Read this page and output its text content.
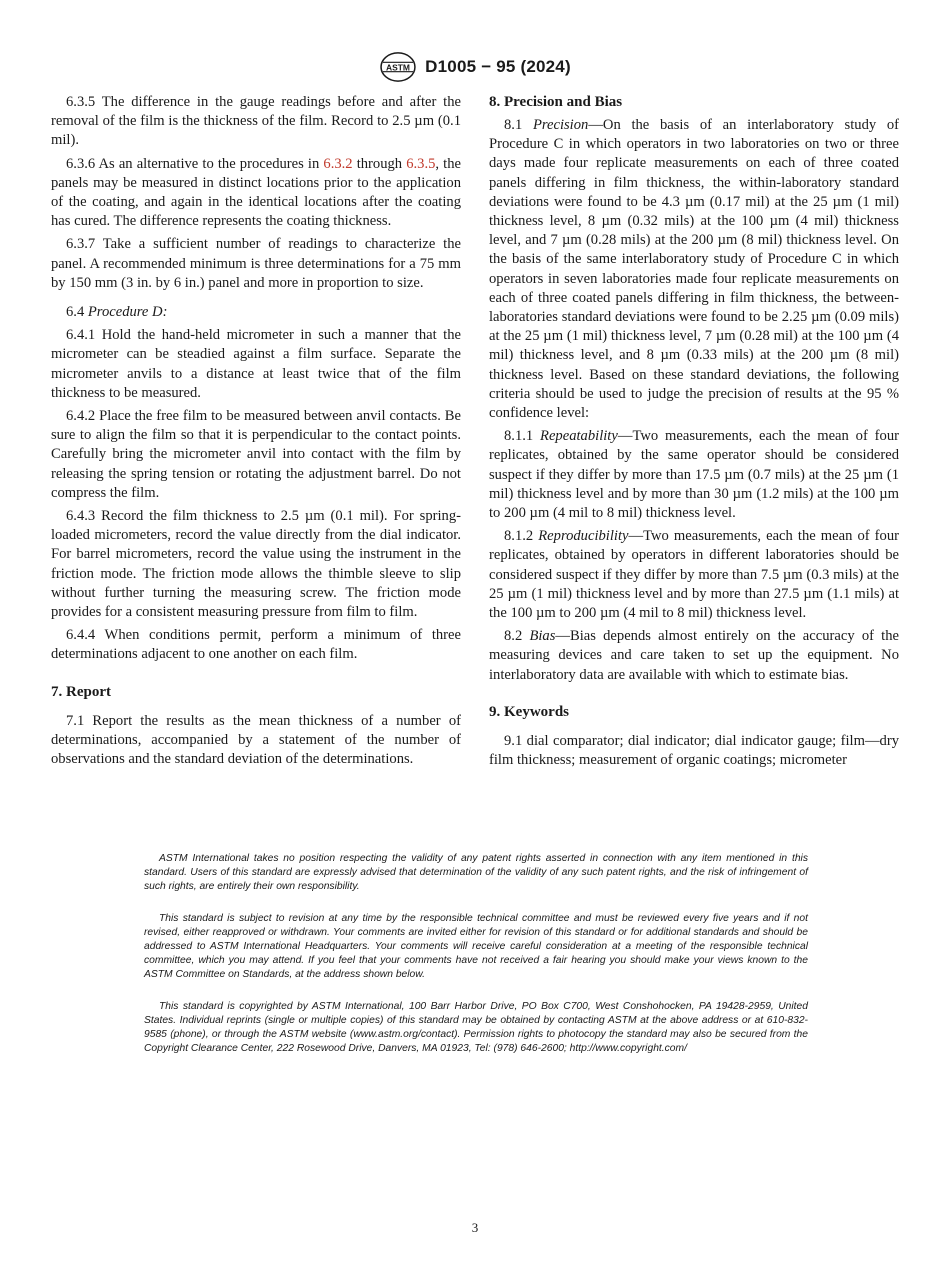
ASTM D1005 − 95 (2024)

6.3.5 The difference in the gauge readings before and after the removal of the film is the thickness of the film. Record to 2.5 µm (0.1 mil).

6.3.6 As an alternative to the procedures in 6.3.2 through 6.3.5, the panels may be measured in distinct locations prior to the application of the coating, and again in the identical locations after the coating has cured. The difference represents the coating thickness.

6.3.7 Take a sufficient number of readings to characterize the panel. A recommended minimum is three determinations for a 75 mm by 150 mm (3 in. by 6 in.) panel and more in proportion to size.

6.4 Procedure D:

6.4.1 Hold the hand-held micrometer in such a manner that the micrometer can be steadied against a film surface. Separate the micrometer anvils to a distance at least twice that of the film thickness to be measured.

6.4.2 Place the free film to be measured between anvil contacts. Be sure to align the film so that it is perpendicular to the contact points. Carefully bring the micrometer anvil into contact with the film by releasing the spring tension or rotating the adjustment barrel. Do not compress the film.

6.4.3 Record the film thickness to 2.5 µm (0.1 mil). For spring-loaded micrometers, record the value directly from the dial indicator. For barrel micrometers, record the value using the instrument in the friction mode. The friction mode allows the thimble sleeve to slip without further turning the measuring screw. The friction mode provides for a consistent measuring pressure from film to film.

6.4.4 When conditions permit, perform a minimum of three determinations adjacent to one another on each film.

7. Report

7.1 Report the results as the mean thickness of a number of determinations, accompanied by a statement of the number of observations and the standard deviation of the determinations.

8. Precision and Bias

8.1 Precision—On the basis of an interlaboratory study of Procedure C in which operators in two laboratories on two or three days made four replicate measurements on each of three coated panels differing in film thickness, the within-laboratory standard deviations were found to be 4.3 µm (0.17 mil) at the 25 µm (1 mil) thickness level, 8 µm (0.32 mils) at the 100 µm (4 mil) thickness level, and 7 µm (0.28 mils) at the 200 µm (8 mil) thickness level. On the basis of the same interlaboratory study of Procedure C in which operators in seven laboratories made four replicate measurements on each of three coated panels differing in film thickness, the between-laboratories standard deviations were found to be 2.25 µm (0.09 mils) at the 25 µm (1 mil) thickness level, 7 µm (0.28 mil) at the 100 µm (4 mil) thickness level, and 8 µm (0.33 mils) at the 200 µm (8 mil) thickness level. Based on these standard deviations, the following criteria should be used to judge the precision of results at the 95 % confidence level:

8.1.1 Repeatability—Two measurements, each the mean of four replicates, obtained by the same operator should be considered suspect if they differ by more than 17.5 µm (0.7 mils) at the 25 µm (1 mil) thickness level and by more than 30 µm (1.2 mils) at the 100 µm to 200 µm (4 mil to 8 mil) thickness level.

8.1.2 Reproducibility—Two measurements, each the mean of four replicates, obtained by operators in different laboratories should be considered suspect if they differ by more than 7.5 µm (0.3 mils) at the 25 µm (1 mil) thickness level and by more than 27.5 µm (1.1 mils) at the 100 µm to 200 µm (4 mil to 8 mil) thickness level.

8.2 Bias—Bias depends almost entirely on the accuracy of the measuring devices and care taken to set up the equipment. No interlaboratory data are available with which to estimate bias.

9. Keywords

9.1 dial comparator; dial indicator; dial indicator gauge; film—dry film thickness; measurement of organic coatings; micrometer

ASTM International takes no position respecting the validity of any patent rights asserted in connection with any item mentioned in this standard. Users of this standard are expressly advised that determination of the validity of any such patent rights, and the risk of infringement of such rights, are entirely their own responsibility.

This standard is subject to revision at any time by the responsible technical committee and must be reviewed every five years and if not revised, either reapproved or withdrawn. Your comments are invited either for revision of this standard or for additional standards and should be addressed to ASTM International Headquarters. Your comments will receive careful consideration at a meeting of the responsible technical committee, which you may attend. If you feel that your comments have not received a fair hearing you should make your views known to the ASTM Committee on Standards, at the address shown below.

This standard is copyrighted by ASTM International, 100 Barr Harbor Drive, PO Box C700, West Conshohocken, PA 19428-2959, United States. Individual reprints (single or multiple copies) of this standard may be obtained by contacting ASTM at the above address or at 610-832-9585 (phone), or through the ASTM website (www.astm.org/contact). Permission rights to photocopy the standard may also be secured from the Copyright Clearance Center, 222 Rosewood Drive, Danvers, MA 01923, Tel: (978) 646-2600; http://www.copyright.com/

3
